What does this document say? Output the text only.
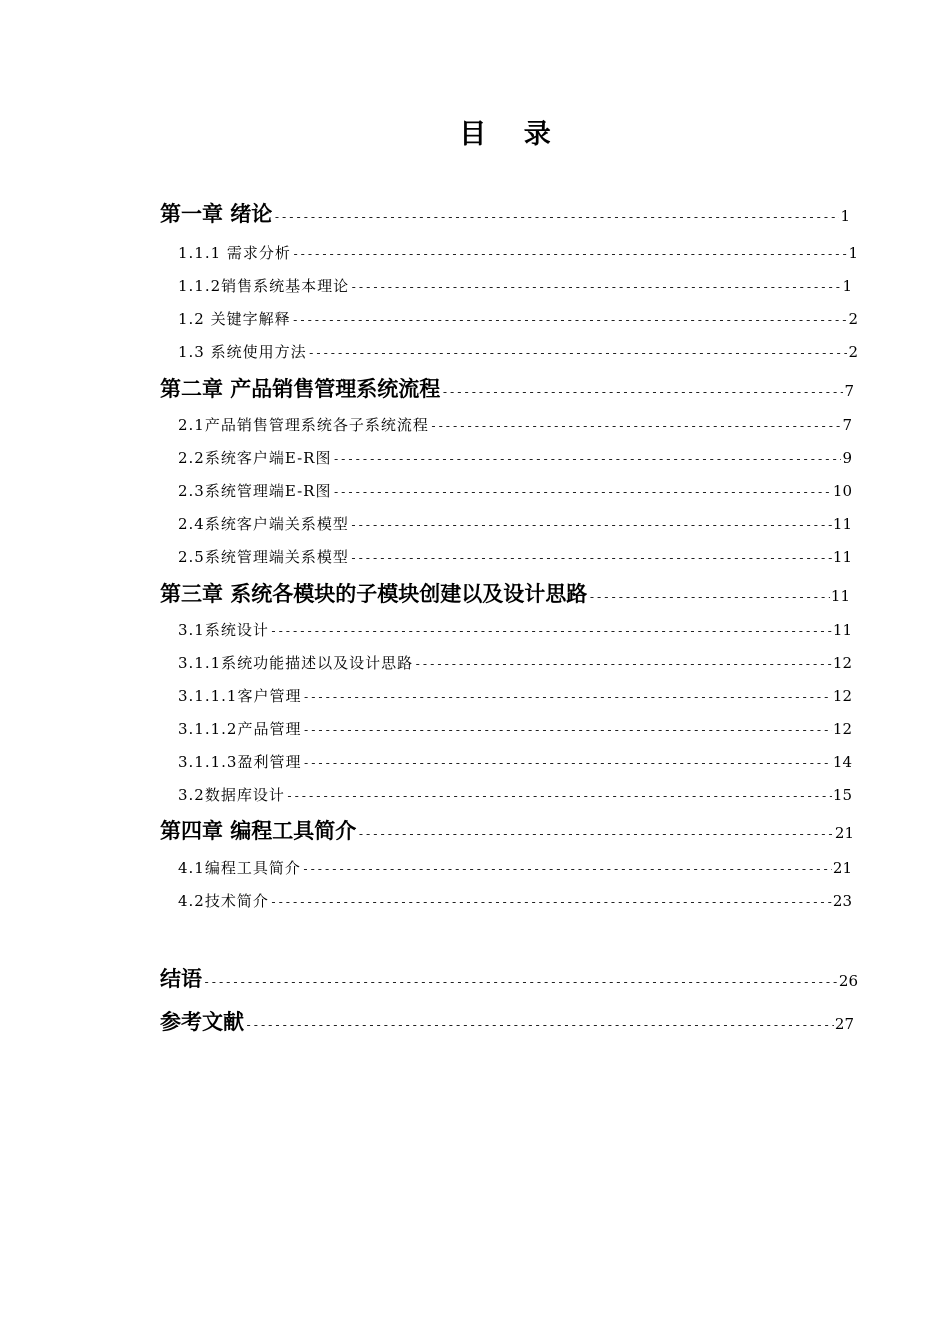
目 录
第一章 绪论 -----	1
1.1.1 需求分析 -----	1
1.1.2销售系统基本理论 -----	1
1.2 关键字解释 -----	2
1.3 系统使用方法 -----	2
第二章 产品销售管理系统流程 -----	7
2.1产品销售管理系统各子系统流程 -----	7
2.2系统客户端E-R图 -----	9
2.3系统管理端E-R图 -----	10
2.4系统客户端关系模型 -----	11
2.5系统管理端关系模型 -----	11
第三章 系统各模块的子模块创建以及设计思路 -----	11
3.1系统设计 -----	11
3.1.1系统功能描述以及设计思路 -----	12
3.1.1.1客户管理 -----	12
3.1.1.2产品管理 -----	12
3.1.1.3盈利管理 -----	14
3.2数据库设计 -----	15
第四章 编程工具简介 -----	21
4.1编程工具简介 -----	21
4.2技术简介 -----	23
结语 -----	26
参考文献 -----	27
